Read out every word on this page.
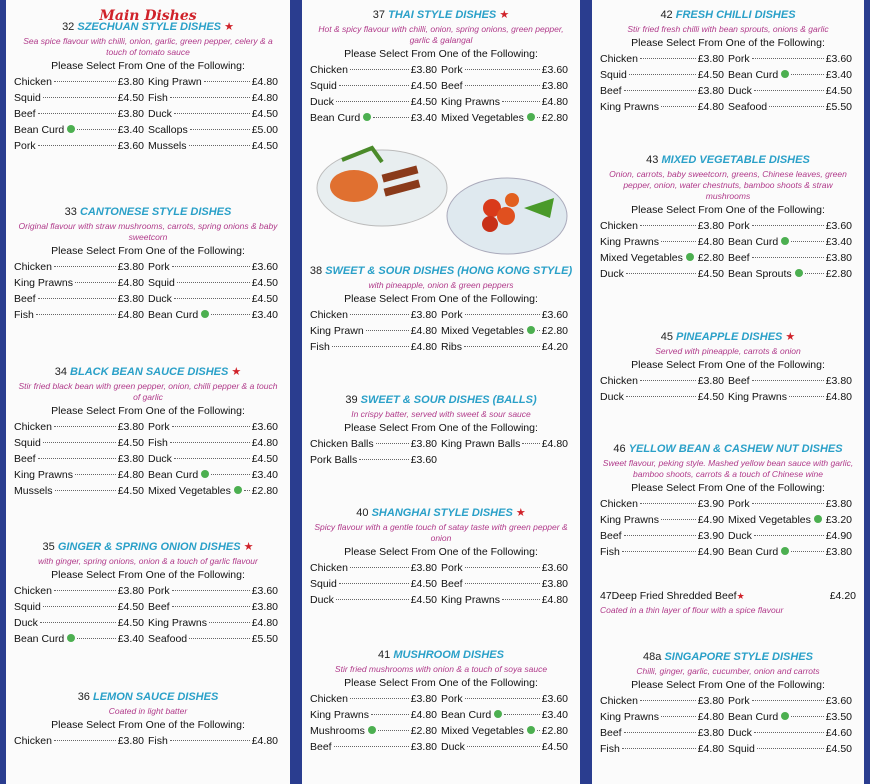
Main Dishes
32 SZECHUAN STYLE DISHES ★
Sea spice flavour with chilli, onion, garlic, green pepper, celery & a touch of tomato sauce
Please Select From One of the Following:
Chicken	£3.80 King Prawn	£4.80
Squid	£4.50 Fish	£4.80
Beef	£3.80 Duck	£4.50
Bean Curd	£3.40 Scallops	£5.00
Pork	£3.60 Mussels	£4.50
33 CANTONESE STYLE DISHES
Original flavour with straw mushrooms, carrots, spring onions & baby sweetcorn
Please Select From One of the Following:
Chicken	£3.80 Pork	£3.60
King Prawns	£4.80 Squid	£4.50
Beef	£3.80 Duck	£4.50
Fish	£4.80 Bean Curd	£3.40
34 BLACK BEAN SAUCE DISHES ★
Stir fried black bean with green pepper, onion, chilli pepper & a touch of garlic
Please Select From One of the Following:
Chicken	£3.80 Pork	£3.60
Squid	£4.50 Fish	£4.80
Beef	£3.80 Duck	£4.50
King Prawns	£4.80 Bean Curd	£3.40
Mussels	£4.50 Mixed Vegetables £2.80
35 GINGER & SPRING ONION DISHES ★
with ginger, spring onions, onion & a touch of garlic flavour
Please Select From One of the Following:
Chicken	£3.80 Pork	£3.60
Squid	£4.50 Beef	£3.80
Duck	£4.50 King Prawns	£4.80
Bean Curd	£3.40 Seafood	£5.50
36 LEMON SAUCE DISHES
Coated in light batter
Please Select From One of the Following:
Chicken	£3.80 Fish	£4.80
37 THAI STYLE DISHES ★
Hot & spicy flavour with chilli, onion, spring onions, green pepper, garlic & galangal
Please Select From One of the Following:
Chicken	£3.80 Pork	£3.60
Squid	£4.50 Beef	£3.80
Duck	£4.50 King Prawns	£4.80
Bean Curd	£3.40 Mixed Vegetables £2.80
38 SWEET & SOUR DISHES (HONG KONG STYLE)
with pineapple, onion & green peppers
Please Select From One of the Following:
Chicken	£3.80 Pork	£3.60
King Prawn	£4.80 Mixed Vegetables £2.80
Fish	£4.80 Ribs	£4.20
39 SWEET & SOUR DISHES (BALLS)
In crispy batter, served with sweet & sour sauce
Please Select From One of the Following:
Chicken Balls	£3.80 King Prawn Balls £4.80
Pork Balls	£3.60
40 SHANGHAI STYLE DISHES ★
Spicy flavour with a gentle touch of satay taste with green pepper & onion
Please Select From One of the Following:
Chicken	£3.80 Pork	£3.60
Squid	£4.50 Beef	£3.80
Duck	£4.50 King Prawns	£4.80
41 MUSHROOM DISHES
Stir fried mushrooms with onion & a touch of soya sauce
Please Select From One of the Following:
Chicken	£3.80 Pork	£3.60
King Prawns	£4.80 Bean Curd	£3.40
Mushrooms	£2.80 Mixed Vegetables £2.80
Beef	£3.80 Duck	£4.50
42 FRESH CHILLI DISHES
Stir fried fresh chilli with bean sprouts, onions & garlic
Please Select From One of the Following:
Chicken	£3.80 Pork	£3.60
Squid	£4.50 Bean Curd	£3.40
Beef	£3.80 Duck	£4.50
King Prawns	£4.80 Seafood	£5.50
43 MIXED VEGETABLE DISHES
Onion, carrots, baby sweetcorn, greens, Chinese leaves, green pepper, onion, water chestnuts, bamboo shoots & straw mushrooms
Please Select From One of the Following:
Chicken	£3.80 Pork	£3.60
King Prawns	£4.80 Bean Curd	£3.40
Mixed Vegetables £2.80 Beef	£3.80
Duck	£4.50 Bean Sprouts	£2.80
45 PINEAPPLE DISHES ★
Served with pineapple, carrots & onion
Please Select From One of the Following:
Chicken	£3.80 Beef	£3.80
Duck	£4.50 King Prawns	£4.80
46 YELLOW BEAN & CASHEW NUT DISHES
Sweet flavour, peking style. Mashed yellow bean sauce with garlic, bamboo shoots, carrots & a touch of Chinese wine
Please Select From One of the Following:
Chicken	£3.90 Pork	£3.80
King Prawns	£4.90 Mixed Vegetables £3.20
Beef	£3.90 Duck	£4.90
Fish	£4.90 Bean Curd	£3.80
47Deep Fried Shredded Beef ★	£4.20
Coated in a thin layer of flour with a spice flavour
48a SINGAPORE STYLE DISHES
Chilli, ginger, garlic, cucumber, onion and carrots
Please Select From One of the Following:
Chicken	£3.80 Pork	£3.60
King Prawns	£4.80 Bean Curd	£3.50
Beef	£3.80 Duck	£4.60
Fish	£4.80 Squid	£4.50
